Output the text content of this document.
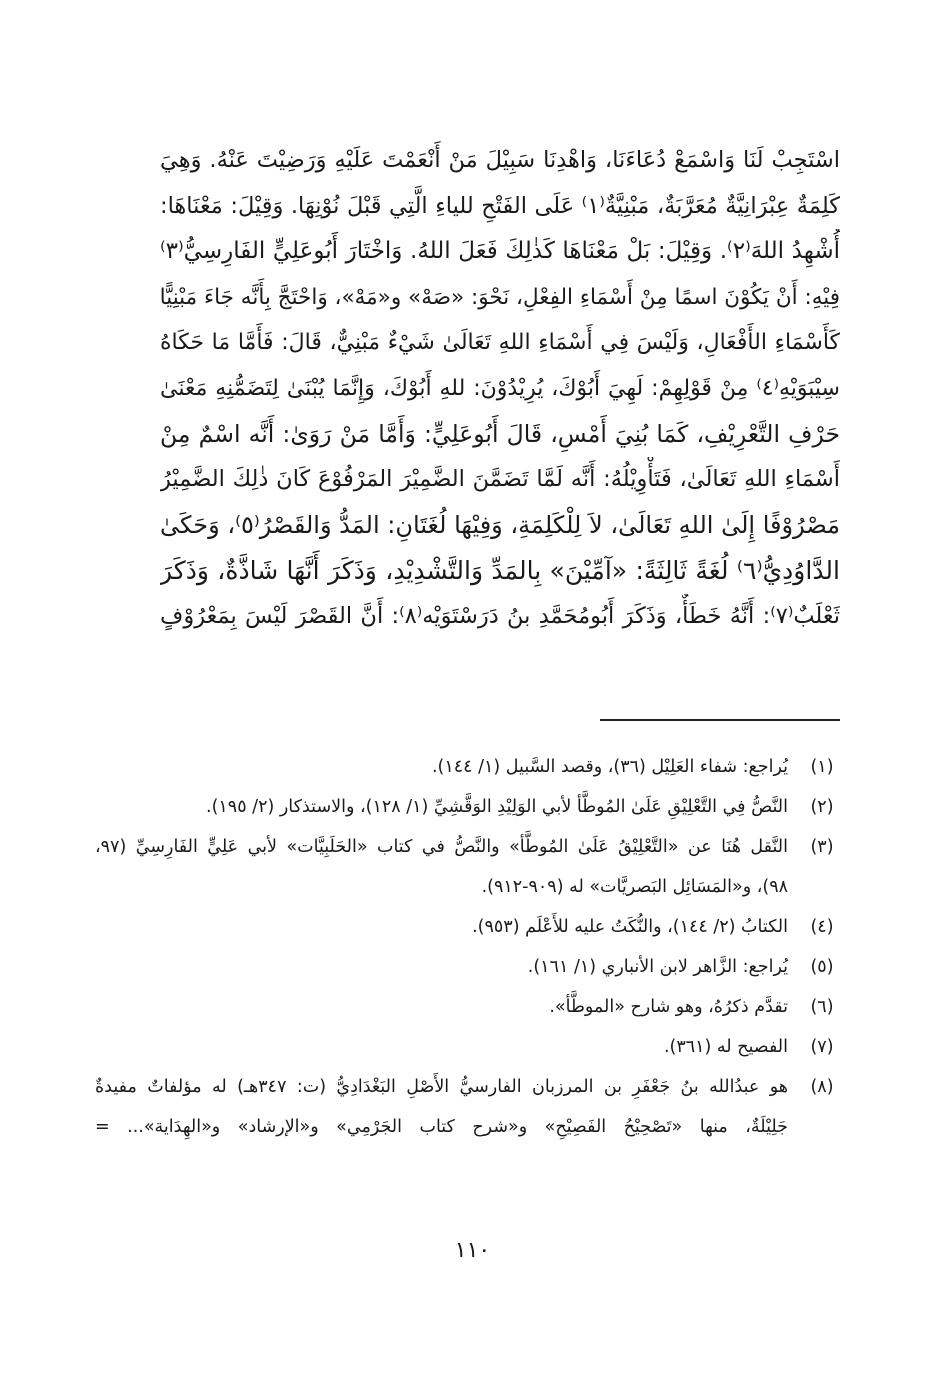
اسْتَجِبْ لَنَا وَاسْمَعْ دُعَاءَنَا، وَاهْدِنَا سَبِيْلَ مَنْ أَنْعَمْتَ عَلَيْهِ وَرَضِيْتَ عَنْهُ. وَهِيَ
كَلِمَةٌ عِبْرَانِيَّةٌ مُعَرَّبَةٌ، مَبْنِيَّةٌ⁽١⁾ عَلَى الفَتْحِ للياءِ الَّتِي قَبْلَ نُوْنِهَا. وَقِيْلَ: مَعْنَاهَا:
أُشْهِدُ اللهَ⁽٢⁾. وَقِيْلَ: بَلْ مَعْنَاهَا كَذٰلِكَ فَعَلَ اللهُ. وَاخْتَارَ أَبُوعَلِيٍّ الفَارِسِيُّ⁽٣⁾
فِيْهِ: أَنْ يَكُوْنَ اسمًا مِنْ أَسْمَاءِ الفِعْلِ، نَحْوَ: «صَهْ» و«مَهْ»، وَاحْتَجَّ بِأَنَّه جَاءَ مَبْنِيًّا
كَأَسْمَاءِ الأَفْعَالِ، وَلَيْسَ فِي أَسْمَاءِ اللهِ تَعَالَىٰ شَيْءٌ مَبْنِيٌّ، قَالَ: فَأَمَّا مَا حَكَاهُ
سِيْبَوَيْهِ⁽٤⁾ مِنْ قَوْلِهِمْ: لَهِيَ أَبُوْكَ، يُرِيْدُوْنَ: للهِ أَبُوْكَ، وَإِنَّمَا يُبْنَىٰ لِتَضَمُّنِهِ مَعْنَىٰ
حَرْفِ التَّعْرِيْفِ، كَمَا بُنِيَ أَمْسِ، قَالَ أَبُوعَلِيٍّ: وَأَمَّا مَنْ رَوَىٰ: أَنَّه اسْمٌ مِنْ
أَسْمَاءِ اللهِ تَعَالَىٰ، فَتَأْوِيْلُهُ: أَنَّه لَمَّا تَضَمَّنَ الضَّمِيْرَ المَرْفُوْعَ كَانَ ذٰلِكَ الضَّمِيْرُ
مَصْرُوْفًا إِلَىٰ اللهِ تَعَالَىٰ، لاَ لِلْكَلِمَةِ، وَفِيْهَا لُغَتَانِ: المَدُّ وَالقَصْرُ⁽٥⁾، وَحَكَىٰ
الدَّاوُدِيُّ⁽٦⁾ لُغَةً ثَالِثَةً: «آمِّيْنَ» بِالمَدِّ وَالتَّشْدِيْدِ، وَذَكَرَ أَنَّهَا شَاذَّةٌ، وَذَكَرَ
ثَعْلَبٌ⁽٧⁾: أَنَّهُ خَطَأٌ، وَذَكَرَ أَبُومُحَمَّدِ بنُ دَرَسْتَوَيْه⁽٨⁾: أَنَّ القَصْرَ لَيْسَ بِمَعْرُوْفٍ
(١)
يُراجع: شفاء العَلِيْل (٣٦)، وقصد السَّبيل (١/ ١٤٤).
(٢)
النَّصُّ فِي التَّعْلِيْقِ عَلَىٰ المُوطَّأ لأبي الوَلِيْدِ الوَقَّشِيِّ (١/ ١٢٨)، والاستذكار (٢/ ١٩٥).
(٣)
النَّقل هُنَا عن «التَّعْلِيْقُ عَلَىٰ المُوطَّأ» والنَّصُّ في كتاب «الحَلَبِيَّات» لأبي عَلِيٍّ الفَارِسِيِّ (٩٧،
٩٨)، و«المَسَائِل البَصريَّات» له (٩٠٩-٩١٢).
(٤)
الكتابُ (٢/ ١٤٤)، والنُّكَتُ عليه للأَعْلَم (٩٥٣).
(٥)
يُراجع: الزَّاهر لابن الأنباري (١/ ١٦١).
(٦)
تقدَّم ذكرُهُ، وهو شارح «الموطَّأ».
(٧)
الفصيح له (٣٦١).
(٨)
هو عبدُالله بنُ جَعْفَرِ بن المرزبان الفارسيُّ الأَصْلِ البَغْدَادِيُّ (ت: ٣٤٧هـ) له مؤلفاتٌ مفيدةٌ
جَلِيْلَةٌ، منها «تَصْحِيْحُ الفَصِيْحِ» و«شرح كتاب الجَرْمِي» و«الإرشاد» و«الهِدَاية»... =
١١٠
